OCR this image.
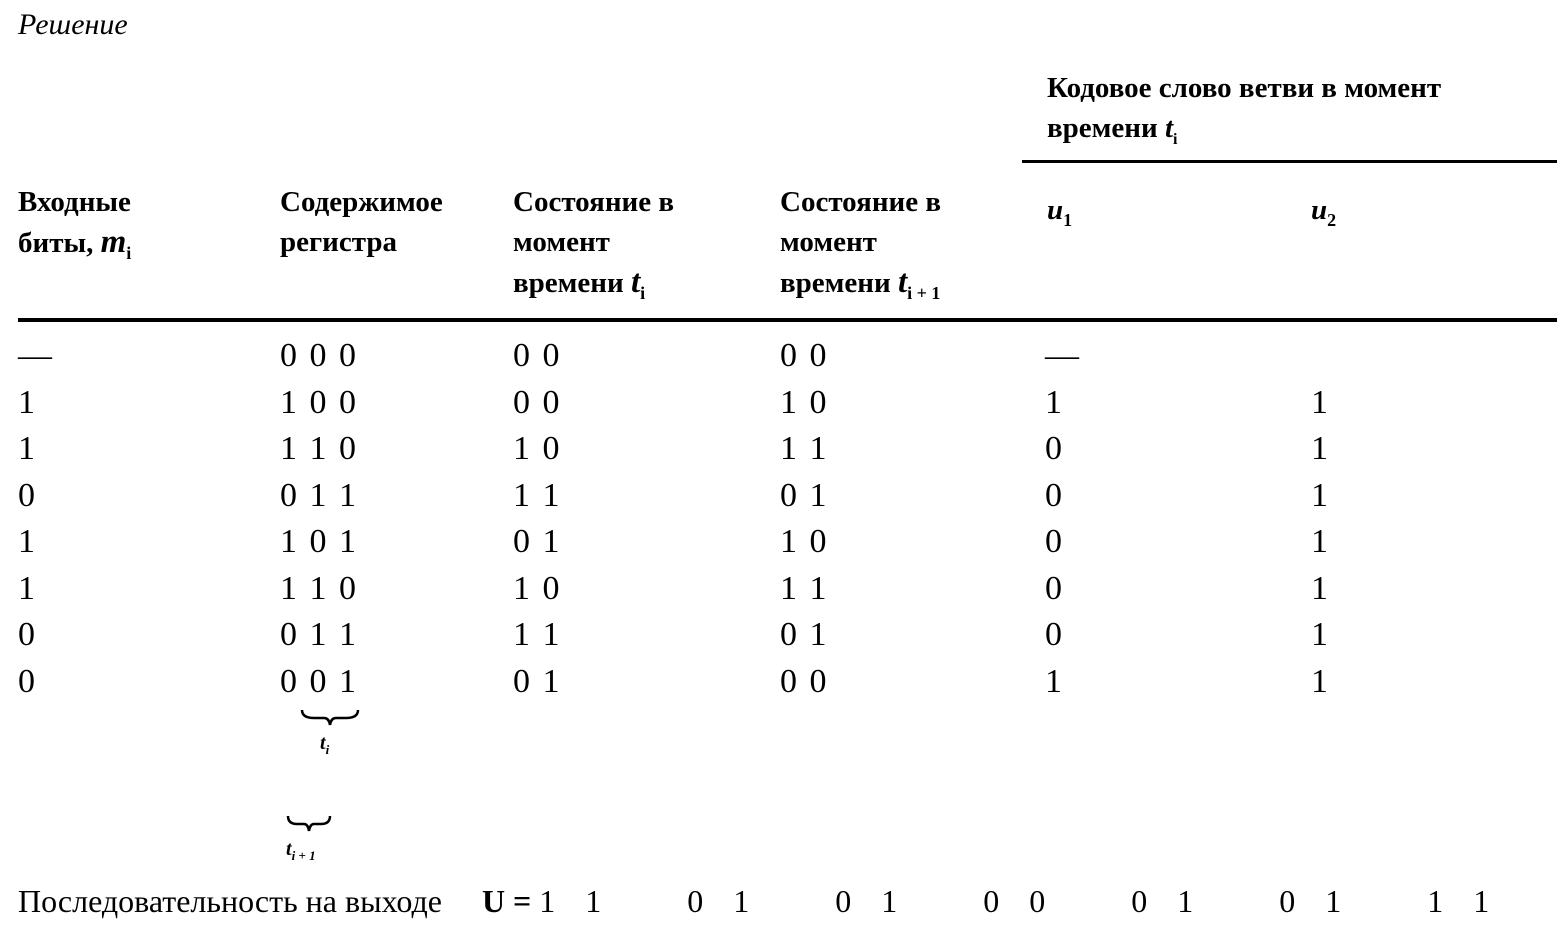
Решение
Кодовое слово ветви в момент
времени $t_i$
Входные
биты, $m_i$
Содержимое
регистра
Состояние в
момент
времени $t_i$
Состояние в
момент
времени $t_{i + 1}$
$u_1$	$u_2$
—	0 0 0	0 0	0 0	—
1	1 0 0	0 0	1 0	1	1
1	1 1 0	1 0	1 1	0	1
0	0 1 1	1 1	0 1	0	1
1	1 0 1	0 1	1 0	0	1
1	1 1 0	1 0	1 1	0	1
0	0 1 1	1 1	0 1	0	1
0	0 0 1	0 1	0 0	1	1
$t_i$
$t_{i + 1}$
Последовательность на выходе U = 1 1   0 1   0 1   0 0   0 1   0 1   1 1
